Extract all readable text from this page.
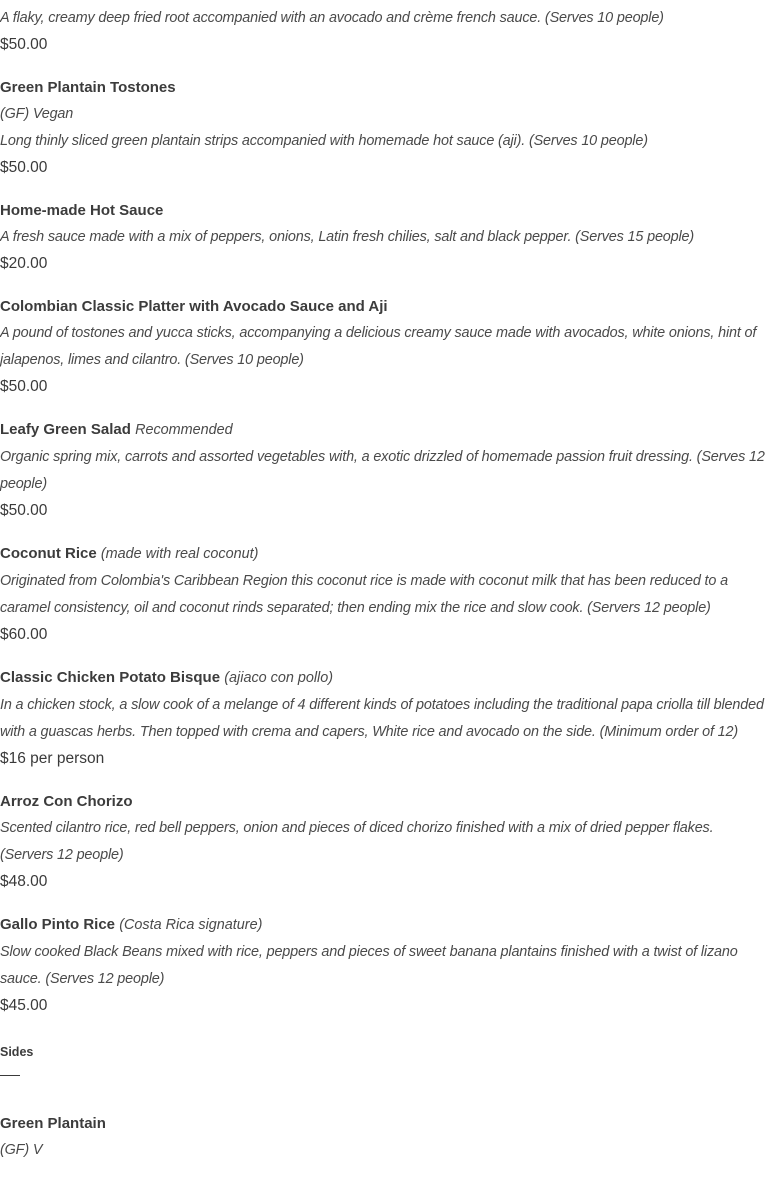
A flaky, creamy deep fried root accompanied with an avocado and crème french sauce. (Serves 10 people)
$50.00
Green Plantain Tostones
(GF) Vegan
Long thinly sliced green plantain strips accompanied with homemade hot sauce (aji). (Serves 10 people)
$50.00
Home-made Hot Sauce
A fresh sauce made with a mix of peppers, onions, Latin fresh chilies, salt and black pepper. (Serves 15 people)
$20.00
Colombian Classic Platter with Avocado Sauce and Aji
A pound of tostones and yucca sticks, accompanying a delicious creamy sauce made with avocados, white onions, hint of jalapenos, limes and cilantro. (Serves 10 people)
$50.00
Leafy Green Salad Recommended
Organic spring mix, carrots and assorted vegetables with, a exotic drizzled of homemade passion fruit dressing. (Serves 12 people)
$50.00
Coconut Rice (made with real coconut)
Originated from Colombia's Caribbean Region this coconut rice is made with coconut milk that has been reduced to a caramel consistency, oil and coconut rinds separated; then ending mix the rice and slow cook. (Servers 12 people)
$60.00
Classic Chicken Potato Bisque (ajiaco con pollo)
In a chicken stock, a slow cook of a melange of 4 different kinds of potatoes including the traditional papa criolla till blended with a guascas herbs. Then topped with crema and capers, White rice and avocado on the side. (Minimum order of 12)
$16 per person
Arroz Con Chorizo
Scented cilantro rice, red bell peppers, onion and pieces of diced chorizo finished with a mix of dried pepper flakes. (Servers 12 people)
$48.00
Gallo Pinto Rice (Costa Rica signature)
Slow cooked Black Beans mixed with rice, peppers and pieces of sweet banana plantains finished with a twist of lizano sauce. (Serves 12 people)
$45.00
Sides
Green Plantain
(GF) V
